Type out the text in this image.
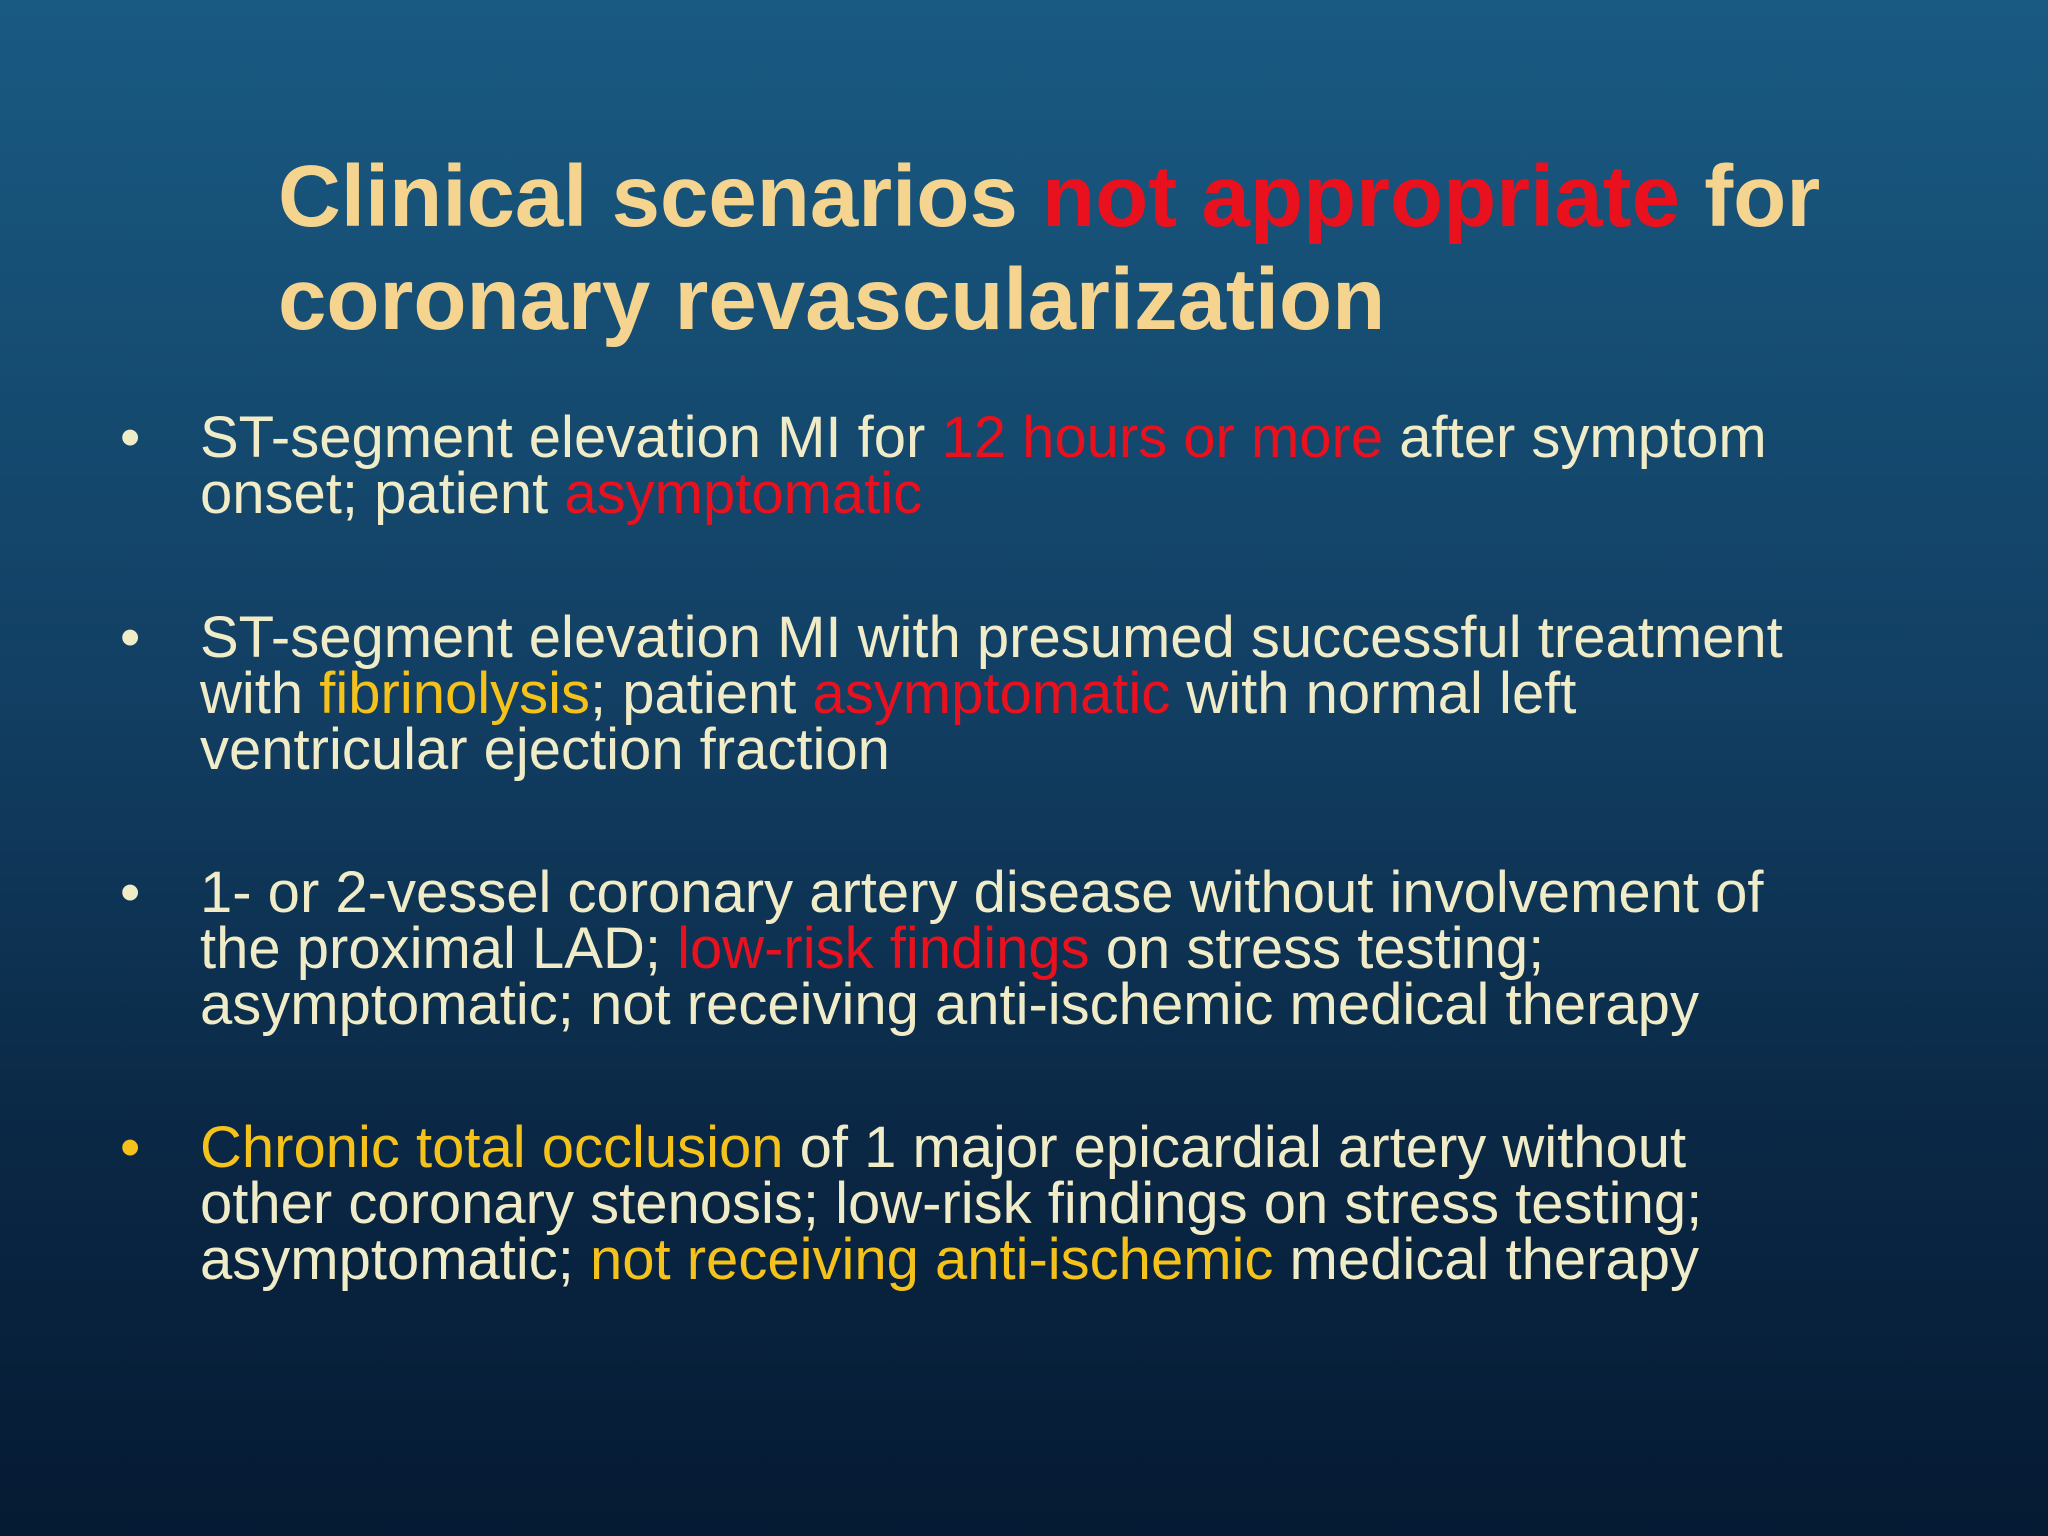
Clinical scenarios not appropriate for
coronary revascularization
• ST-segment elevation MI for 12 hours or more after symptom
onset; patient asymptomatic
• ST-segment elevation MI with presumed successful treatment
with fibrinolysis; patient asymptomatic with normal left
ventricular ejection fraction
• 1- or 2-vessel coronary artery disease without involvement of
the proximal LAD; low-risk findings on stress testing;
asymptomatic; not receiving anti-ischemic medical therapy
• Chronic total occlusion of 1 major epicardial artery without
other coronary stenosis; low-risk findings on stress testing;
asymptomatic; not receiving anti-ischemic medical therapy
